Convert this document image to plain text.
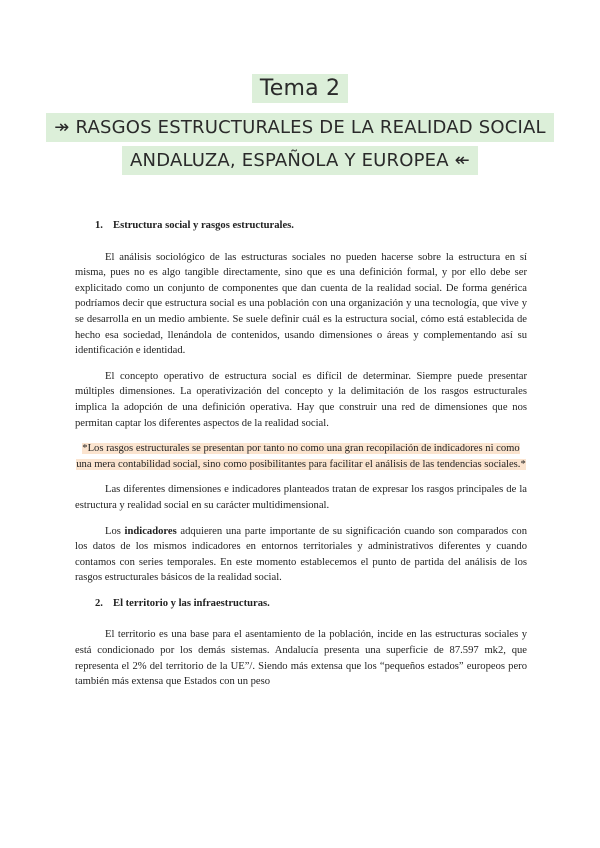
Tema 2
↠ RASGOS ESTRUCTURALES DE LA REALIDAD SOCIAL
ANDALUZA, ESPAÑOLA Y EUROPEA ↞
1. Estructura social y rasgos estructurales.

El análisis sociológico de las estructuras sociales no pueden hacerse sobre la estructura en sí misma, pues no es algo tangible directamente, sino que es una definición formal, y por ello debe ser explicitado como un conjunto de componentes que dan cuenta de la realidad social. De forma genérica podríamos decir que estructura social es una población con una organización y una tecnología, que vive y se desarrolla en un medio ambiente. Se suele definir cuál es la estructura social, cómo está establecida de hecho esa sociedad, llenándola de contenidos, usando dimensiones o áreas y complementando así su identificación e identidad.

El concepto operativo de estructura social es difícil de determinar. Siempre puede presentar múltiples dimensiones. La operativización del concepto y la delimitación de los rasgos estructurales implica la adopción de una definición operativa. Hay que construir una red de dimensiones que nos permitan captar los diferentes aspectos de la realidad social.

*Los rasgos estructurales se presentan por tanto no como una gran recopilación de indicadores ni como una mera contabilidad social, sino como posibilitantes para facilitar el análisis de las tendencias sociales.*

Las diferentes dimensiones e indicadores planteados tratan de expresar los rasgos principales de la estructura y realidad social en su carácter multidimensional.

Los indicadores adquieren una parte importante de su significación cuando son comparados con los datos de los mismos indicadores en entornos territoriales y administrativos diferentes y cuando contamos con series temporales. En este momento establecemos el punto de partida del análisis de los rasgos estructurales básicos de la realidad social.

2. El territorio y las infraestructuras.

El territorio es una base para el asentamiento de la población, incide en las estructuras sociales y está condicionado por los demás sistemas. Andalucía presenta una superficie de 87.597 mk2, que representa el 2% del territorio de la UE”/. Siendo más extensa que los “pequeños estados” europeos pero también más extensa que Estados con un peso
